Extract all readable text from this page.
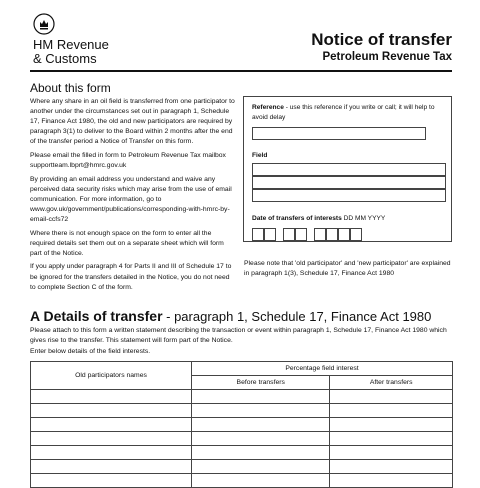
HM Revenue
& Customs
Notice of transfer
Petroleum Revenue Tax
About this form

Where any share in an oil field is transferred from one participator to another under the circumstances set out in paragraph 1, Schedule 17, Finance Act 1980, the old and new participators are required by paragraph 3(1) to deliver to the Board within 2 months after the end of the transfer period a Notice of Transfer on this form.

Please email the filled in form to Petroleum Revenue Tax mailbox supportteam.lbprt@hmrc.gov.uk

By providing an email address you understand and waive any perceived data security risks which may arise from the use of email communication. For more information, go to www.gov.uk/government/publications/corresponding-with-hmrc-by-email-ccfs72

Where there is not enough space on the form to enter all the required details set them out on a separate sheet which will form part of the Notice.

If you apply under paragraph 4 for Parts II and III of Schedule 17 to be ignored for the transfers detailed in the Notice, you do not need to complete Section C of the form.

Reference - use this reference if you write or call; it will help to avoid delay
Field
Date of transfers of interests DD MM YYYY
Please note that 'old participator' and 'new participator' are explained in paragraph 1(3), Schedule 17, Finance Act 1980
A Details of transfer - paragraph 1, Schedule 17, Finance Act 1980
Please attach to this form a written statement describing the transaction or event within paragraph 1, Schedule 17, Finance Act 1980 which gives rise to the transfer. This statement will form part of the Notice.
Enter below details of the field interests.
Old participators names	Percentage field interest	
	Before transfers	After transfers
